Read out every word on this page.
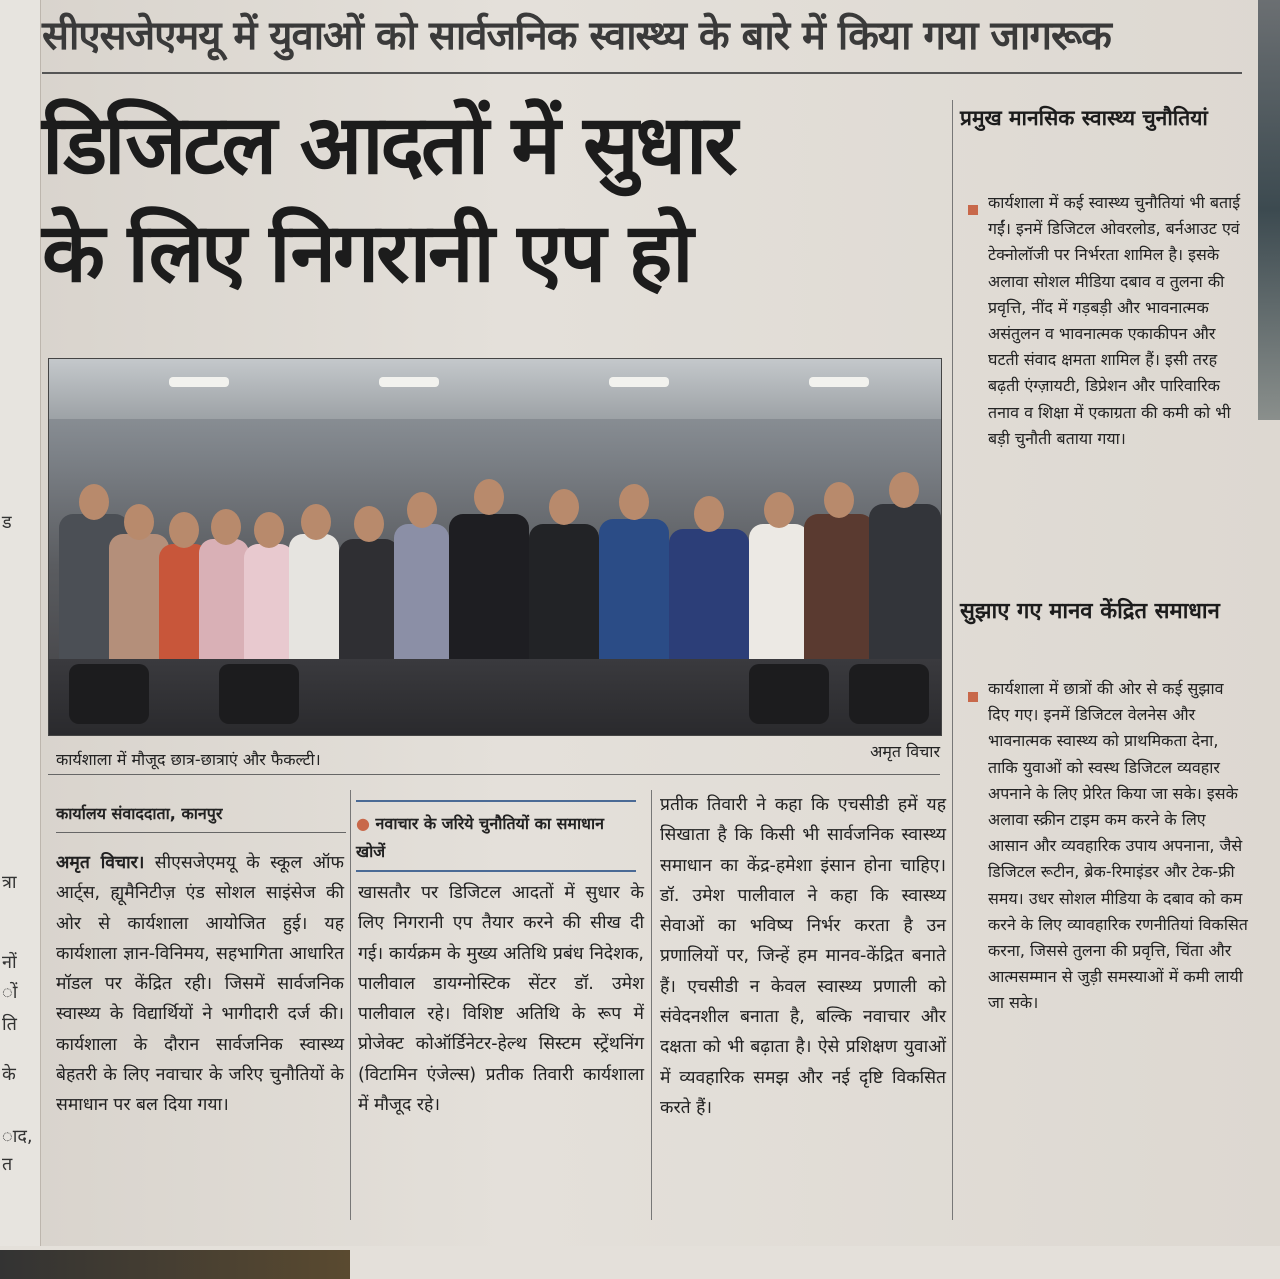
ड
त्रा
नों
ों
ति
के
ाद,
त
सीएसजेएमयू में युवाओं को सार्वजनिक स्वास्थ्य के बारे में किया गया जागरूक
डिजिटल आदतों में सुधार
के लिए निगरानी एप हो
कार्यशाला में मौजूद छात्र-छात्राएं और फैकल्टी।	अमृत विचार
कार्यालय संवाददाता, कानपुर
अमृत विचार। सीएसजेएमयू के स्कूल ऑफ आर्ट्स, ह्यूमैनिटीज़ एंड सोशल साइंसेज की ओर से कार्यशाला आयोजित हुई। यह कार्यशाला ज्ञान-विनिमय, सहभागिता आधारित मॉडल पर केंद्रित रही। जिसमें सार्वजनिक स्वास्थ्य के विद्यार्थियों ने भागीदारी दर्ज की। कार्यशाला के दौरान सार्वजनिक स्वास्थ्य बेहतरी के लिए नवाचार के जरिए चुनौतियों के समाधान पर बल दिया गया।
● नवाचार के जरिये चुनौतियों का समाधान खोजें
खासतौर पर डिजिटल आदतों में सुधार के लिए निगरानी एप तैयार करने की सीख दी गई। कार्यक्रम के मुख्य अतिथि प्रबंध निदेशक, पालीवाल डायग्नोस्टिक सेंटर डॉ. उमेश पालीवाल रहे। विशिष्ट अतिथि के रूप में प्रोजेक्ट कोऑर्डिनेटर-हेल्थ सिस्टम स्ट्रेंथनिंग (विटामिन एंजेल्स) प्रतीक तिवारी कार्यशाला में मौजूद रहे।
प्रतीक तिवारी ने कहा कि एचसीडी हमें यह सिखाता है कि किसी भी सार्वजनिक स्वास्थ्य समाधान का केंद्र-हमेशा इंसान होना चाहिए। डॉ. उमेश पालीवाल ने कहा कि स्वास्थ्य सेवाओं का भविष्य निर्भर करता है उन प्रणालियों पर, जिन्हें हम मानव-केंद्रित बनाते हैं। एचसीडी न केवल स्वास्थ्य प्रणाली को संवेदनशील बनाता है, बल्कि नवाचार और दक्षता को भी बढ़ाता है। ऐसे प्रशिक्षण युवाओं में व्यवहारिक समझ और नई दृष्टि विकसित करते हैं।
प्रमुख मानसिक स्वास्थ्य चुनौतियां
कार्यशाला में कई स्वास्थ्य चुनौतियां भी बताई गईं। इनमें डिजिटल ओवरलोड, बर्नआउट एवं टेक्नोलॉजी पर निर्भरता शामिल है। इसके अलावा सोशल मीडिया दबाव व तुलना की प्रवृत्ति, नींद में गड़बड़ी और भावनात्मक असंतुलन व भावनात्मक एकाकीपन और घटती संवाद क्षमता शामिल हैं। इसी तरह बढ़ती एंग्ज़ायटी, डिप्रेशन और पारिवारिक तनाव व शिक्षा में एकाग्रता की कमी को भी बड़ी चुनौती बताया गया।
सुझाए गए मानव केंद्रित समाधान
कार्यशाला में छात्रों की ओर से कई सुझाव दिए गए। इनमें डिजिटल वेलनेस और भावनात्मक स्वास्थ्य को प्राथमिकता देना, ताकि युवाओं को स्वस्थ डिजिटल व्यवहार अपनाने के लिए प्रेरित किया जा सके। इसके अलावा स्क्रीन टाइम कम करने के लिए आसान और व्यवहारिक उपाय अपनाना, जैसे डिजिटल रूटीन, ब्रेक-रिमाइंडर और टेक-फ्री समय। उधर सोशल मीडिया के दबाव को कम करने के लिए व्यावहारिक रणनीतियां विकसित करना, जिससे तुलना की प्रवृत्ति, चिंता और आत्मसम्मान से जुड़ी समस्याओं में कमी लायी जा सके।
